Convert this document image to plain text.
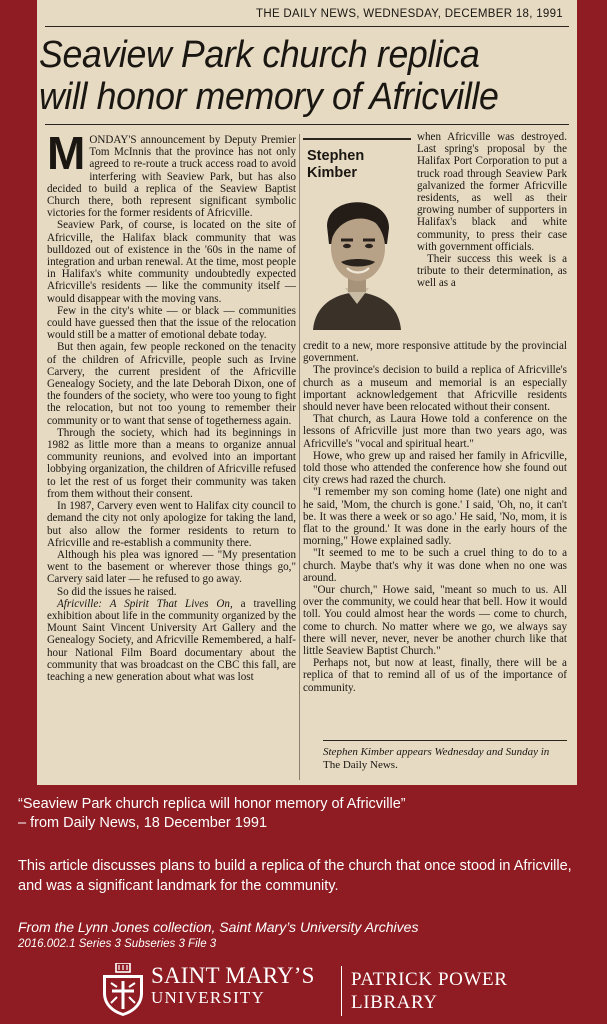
THE DAILY NEWS, WEDNESDAY, DECEMBER 18, 1991
Seaview Park church replica
will honor memory of Africville

MONDAY'S announcement by Deputy Premier Tom McInnis that the province has not only agreed to re-route a truck access road to avoid interfering with Seaview Park, but has also decided to build a replica of the Seaview Baptist Church there, both represent significant symbolic victories for the former residents of Africville.

Seaview Park, of course, is located on the site of Africville, the Halifax black community that was bulldozed out of existence in the '60s in the name of integration and urban renewal. At the time, most people in Halifax's white community undoubtedly expected Africville's residents — like the community itself — would disappear with the moving vans.

Few in the city's white — or black — communities could have guessed then that the issue of the relocation would still be a matter of emotional debate today.

But then again, few people reckoned on the tenacity of the children of Africville, people such as Irvine Carvery, the current president of the Africville Genealogy Society, and the late Deborah Dixon, one of the founders of the society, who were too young to fight the relocation, but not too young to remember their community or to want that sense of togetherness again.

Through the society, which had its beginnings in 1982 as little more than a means to organize annual community reunions, and evolved into an important lobbying organization, the children of Africville refused to let the rest of us forget their community was taken from them without their consent.

In 1987, Carvery even went to Halifax city council to demand the city not only apologize for taking the land, but also allow the former residents to return to Africville and re-establish a community there.

Although his plea was ignored — "My presentation went to the basement or wherever those things go," Carvery said later — he refused to go away.

So did the issues he raised.

Africville: A Spirit That Lives On, a travelling exhibition about life in the community organized by the Mount Saint Vincent University Art Gallery and the Genealogy Society, and Africville Remembered, a half-hour National Film Board documentary about the community that was broadcast on the CBC this fall, are teaching a new generation about what was lost

Stephen
Kimber

when Africville was destroyed. Last spring's proposal by the Halifax Port Corporation to put a truck road through Seaview Park galvanized the former Africville residents, as well as their growing number of supporters in Halifax's black and white community, to press their case with government officials.

Their success this week is a tribute to their determination, as well as a

credit to a new, more responsive attitude by the provincial government.

The province's decision to build a replica of Africville's church as a museum and memorial is an especially important acknowledgement that Africville residents should never have been relocated without their consent.

That church, as Laura Howe told a conference on the lessons of Africville just more than two years ago, was Africville's "vocal and spiritual heart."

Howe, who grew up and raised her family in Africville, told those who attended the conference how she found out city crews had razed the church.

"I remember my son coming home (late) one night and he said, 'Mom, the church is gone.' I said, 'Oh, no, it can't be. It was there a week or so ago.' He said, 'No, mom, it is flat to the ground.' It was done in the early hours of the morning," Howe explained sadly.

"It seemed to me to be such a cruel thing to do to a church. Maybe that's why it was done when no one was around.

"Our church," Howe said, "meant so much to us. All over the community, we could hear that bell. How it would toll. You could almost hear the words — come to church, come to church. No matter where we go, we always say there will never, never, never be another church like that little Seaview Baptist Church."

Perhaps not, but now at least, finally, there will be a replica of that to remind all of us of the importance of community.

Stephen Kimber appears Wednesday and Sunday in The Daily News.

“Seaview Park church replica will honor memory of Africville”

– from Daily News, 18 December 1991

This article discusses plans to build a replica of the church that once stood in Africville, and was a significant landmark for the community.

From the Lynn Jones collection, Saint Mary’s University Archives

2016.002.1 Series 3 Subseries 3 File 3

SAINT MARY’S
UNIVERSITY
PATRICK POWER
LIBRARY
